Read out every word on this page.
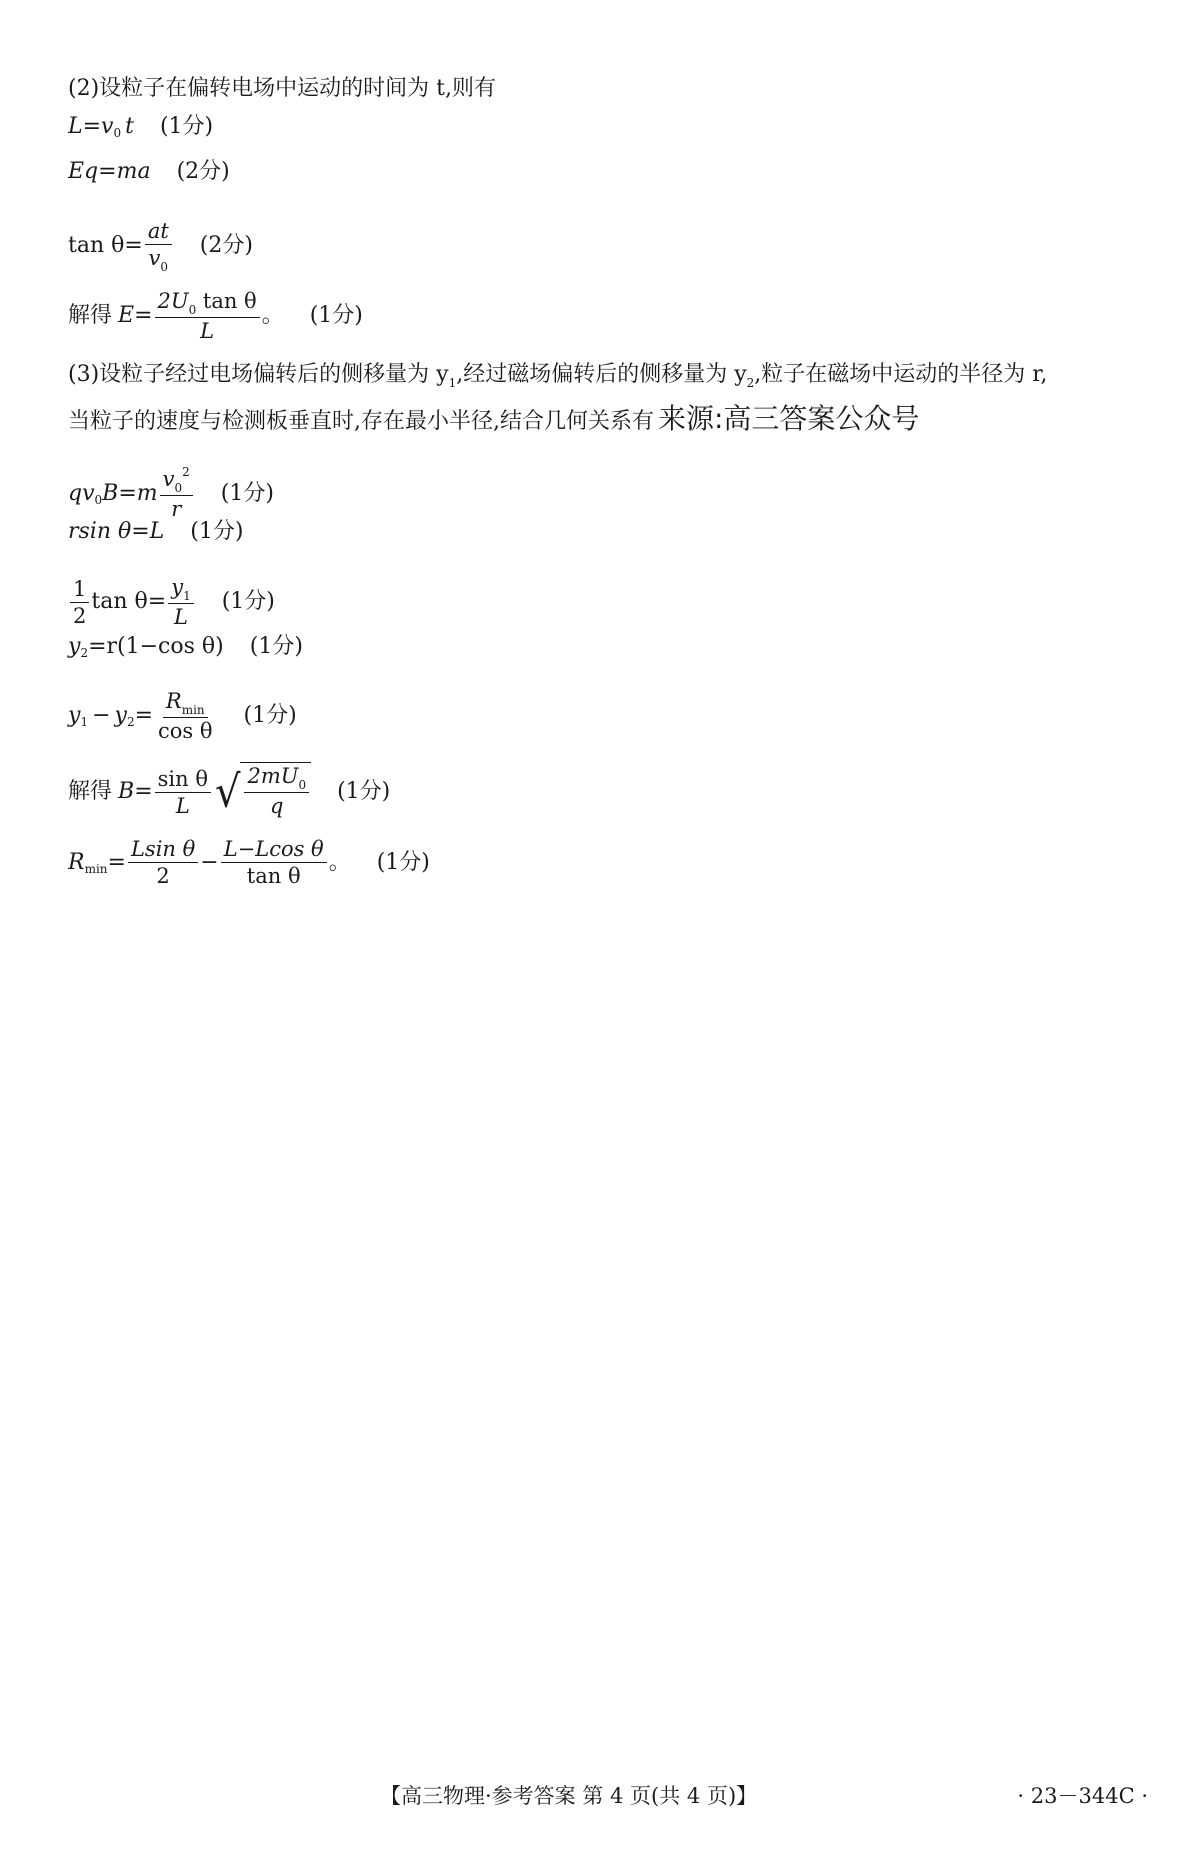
(2)设粒子在偏转电场中运动的时间为 t,则有
L = v 0 t (1分)
Eq = ma (2分)
$\tan \theta = \frac{at}{v_0} (2$分)
解得 $E = \frac{2U_0 \tan \theta}{L}$ 。 (1分)
(3)设粒子经过电场偏转后的侧移量为 $y_1$,经过磁场偏转后的侧移量为 $y_2$,粒子在磁场中运动的半径为 r,
当粒子的速度与检测板垂直时,存在最小半径,结合几何关系有 来源:高三答案公众号
qv 0 B = m $\frac{v_0^2}{r} (1$分)
rsin θ=L (1分)
$\frac{1}{2}$ $\tan \theta= \frac{y_1}{L} (1$分)
y 2 =r(1−cos θ) (1分)
y 1 − y $2 = \frac{R_{min}}{\text{cos θ}} (1$分)
解得 $B = \frac{\text{sin θ}}{L}$ √ $\frac{2mU_0}{q} (1$分)
R $\min = \frac{\text{Lsin θ}}{2} - \frac{\text{L−Lcos θ}}{\text{tan θ}}$ 。 (1分)
【高三物理·参考答案 第 4 页(共 4 页)】	· 23－344C ·
